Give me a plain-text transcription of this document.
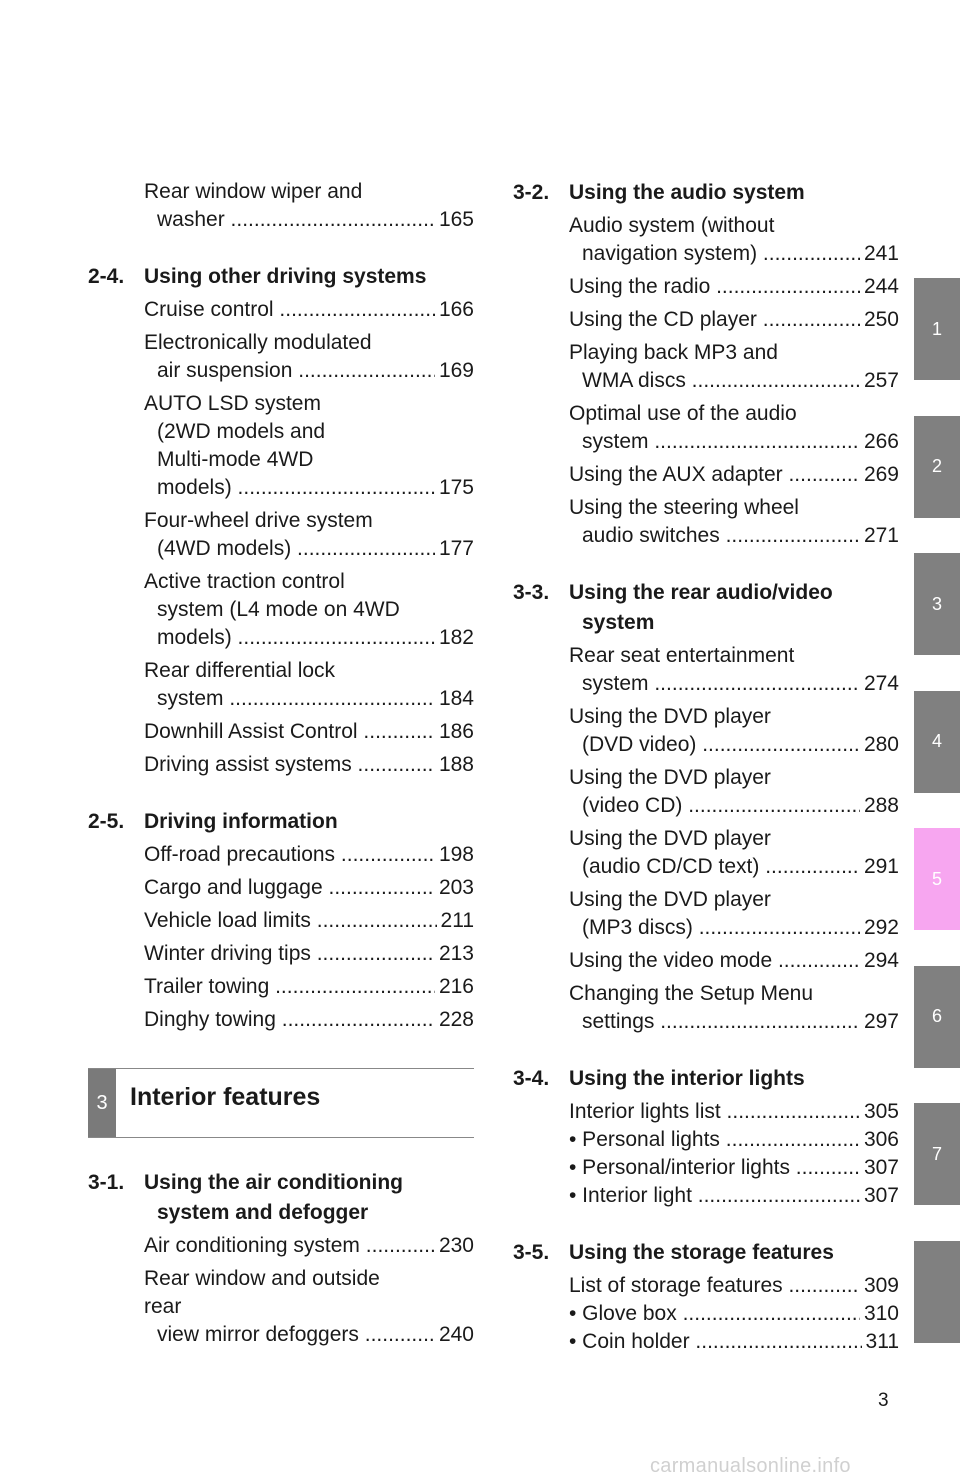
Rear window wiper and
washer .....	165
2-4. Using other driving systems
Cruise control .....	166
Electronically modulated
air suspension .....	169
AUTO LSD system
(2WD models and
Multi-mode 4WD
models) .....	175
Four-wheel drive system
(4WD models) .....	177
Active traction control
system (L4 mode on 4WD
models) .....	182
Rear differential lock
system .....	184
Downhill Assist Control .....	186
Driving assist systems .....	188
2-5. Driving information
Off-road precautions .....	198
Cargo and luggage .....	203
Vehicle load limits .....	211
Winter driving tips .....	213
Trailer towing .....	216
Dinghy towing .....	228
3 Interior features
3-1. Using the air conditioning
system and defogger
Air conditioning system .....	230
Rear window and outside rear
view mirror defoggers .....	240
3-2. Using the audio system
Audio system (without
navigation system) .....	241
Using the radio .....	244
Using the CD player .....	250
Playing back MP3 and
WMA discs .....	257
Optimal use of the audio
system .....	266
Using the AUX adapter .....	269
Using the steering wheel
audio switches .....	271
3-3. Using the rear audio/video
system
Rear seat entertainment
system .....	274
Using the DVD player
(DVD video) .....	280
Using the DVD player
(video CD) .....	288
Using the DVD player
(audio CD/CD text) .....	291
Using the DVD player
(MP3 discs) .....	292
Using the video mode .....	294
Changing the Setup Menu
settings .....	297
3-4. Using the interior lights
Interior lights list .....	305
• Personal lights .....	306
• Personal/interior lights .....	307
• Interior light .....	307
3-5. Using the storage features
List of storage features .....	309
• Glove box .....	310
• Coin holder .....	311
1
2
3
4
5
6
7
3
carmanualsonline.info
